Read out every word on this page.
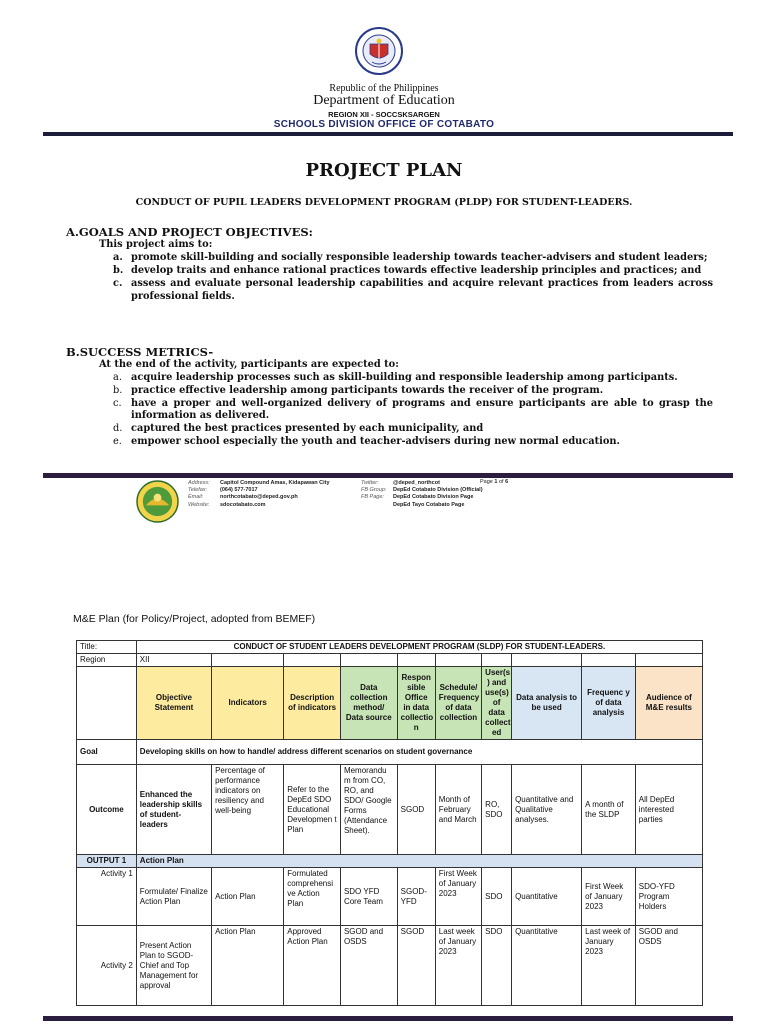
Republic of the Philippines
Department of Education
REGION XII - SOCCSKSARGEN
SCHOOLS DIVISION OFFICE OF COTABATO
PROJECT PLAN
CONDUCT OF PUPIL LEADERS DEVELOPMENT PROGRAM (PLDP) FOR STUDENT-LEADERS.
A.GOALS AND PROJECT OBJECTIVES:
This project aims to:
a. promote skill-building and socially responsible leadership towards teacher-advisers and student leaders;
b. develop traits and enhance rational practices towards effective leadership principles and practices; and
c. assess and evaluate personal leadership capabilities and acquire relevant practices from leaders across professional fields.
B.SUCCESS METRICS-
At the end of the activity, participants are expected to:
a. acquire leadership processes such as skill-building and responsible leadership among participants.
b. practice effective leadership among participants towards the receiver of the program.
c. have a proper and well-organized delivery of programs and ensure participants are able to grasp the information as delivered.
d. captured the best practices presented by each municipality, and
e. empower school especially the youth and teacher-advisers during new normal education.
Address: Capitol Compound Amas, Kidapawan City
Telefax: (064) 577-7017
Email:	northcotabato@deped.gov.ph
Website: sdocotabato.com
Twitter:	@deped_northcot
FB Group: DepEd Cotabato Division (Official)
FB Page: DepEd Cotabato Division Page
DepEd Tayo Cotabato Page
Page 1 of 6
M&E Plan (for Policy/Project, adopted from BEMEF)
Title:	CONDUCT OF STUDENT LEADERS DEVELOPMENT PROGRAM (SLDP) FOR STUDENT-LEADERS.									
Region	XII									
	Objective Statement	Indicators	Description of indicators	Data collection method/ Data source	Respon sible Office in data collectio n	Schedule/ Frequency of data collection	User(s ) and use(s) of data collect ed	Data analysis to be used	Frequenc y of data analysis	Audience of M&E results
Goal	Developing skills on how to handle/ address different scenarios on student governance									
Outcome	Enhanced the leadership skills of student-leaders	Percentage of performance indicators on resiliency and well-being	Refer to the DepEd SDO Educational Developmen t Plan	Memorandu m from CO, RO, and SDO/ Google Forms (Attendance Sheet).	SGOD	Month of February and March	RO, SDO	Quantitative and Qualitative analyses.	A month of the SLDP	All DepEd interested parties
OUTPUT 1	Action Plan									
Activity 1	Formulate/ Finalize Action Plan	Action Plan	Formulated comprehensi ve Action Plan	SDO YFD Core Team	SGOD-YFD	First Week of January 2023	SDO	Quantitative	First Week of January 2023	SDO-YFD Program Holders
Activity 2	Present Action Plan to SGOD-Chief and Top Management for approval	Action Plan	Approved Action Plan	SGOD and OSDS	SGOD	Last week of January 2023	SDO	Quantitative	Last week of January 2023	SGOD and OSDS
